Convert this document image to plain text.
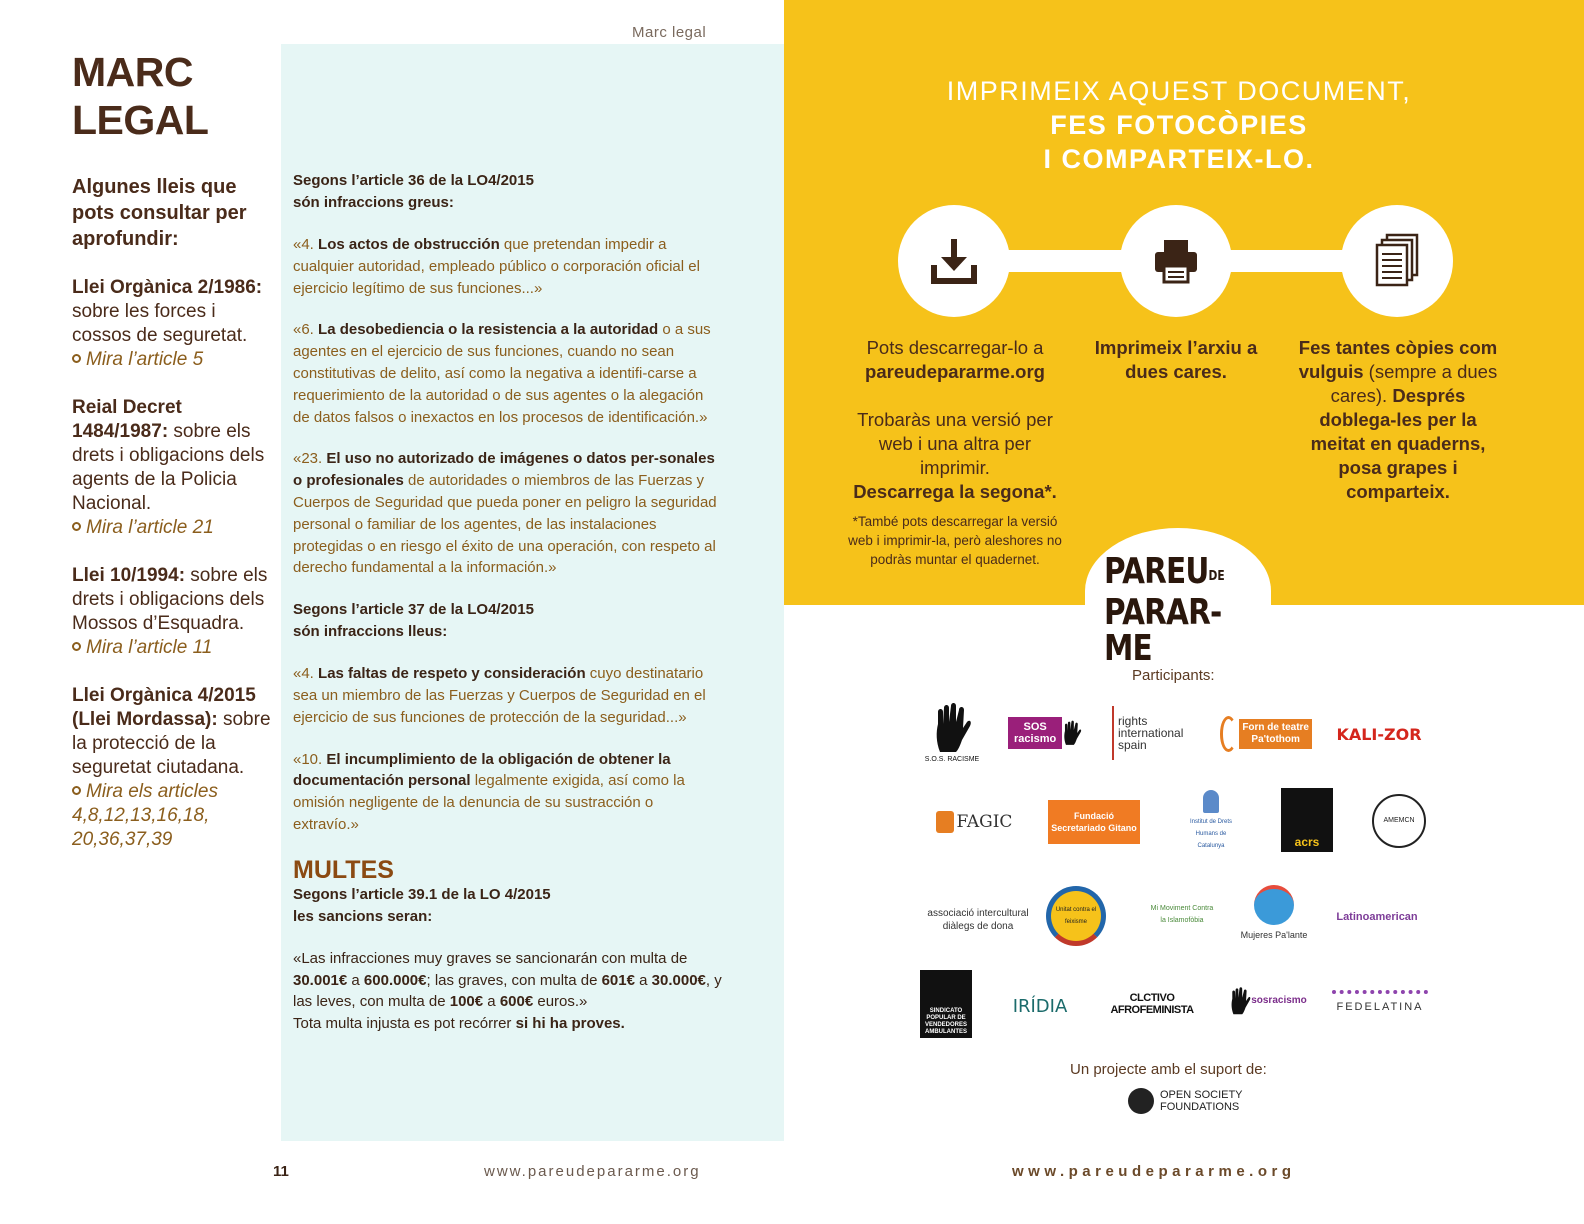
Marc legal
MARC
LEGAL

Algunes lleis que pots consultar per aprofundir:

Llei Orgànica 2/1986: sobre les forces i cossos de seguretat.
Mira l’article 5

Reial Decret 1484/1987: sobre els drets i obligacions dels agents de la Policia Nacional.
Mira l’article 21

Llei 10/1994: sobre els drets i obligacions dels Mossos d’Esquadra.
Mira l’article 11

Llei Orgànica 4/2015 (Llei Mordassa): sobre la protecció de la seguretat ciutadana.
Mira els articles 4,8,12,13,16,18, 20,36,37,39

Segons l’article 36 de la LO4/2015
són infraccions greus:

«4. Los actos de obstrucción que pretendan impedir a cualquier autoridad, empleado público o corporación oficial el ejercicio legítimo de sus funciones...»

«6. La desobediencia o la resistencia a la autoridad o a sus agentes en el ejercicio de sus funciones, cuando no sean constitutivas de delito, así como la negativa a identifi-carse a requerimiento de la autoridad o de sus agentes o la alegación de datos falsos o inexactos en los procesos de identificación.»

«23. El uso no autorizado de imágenes o datos per-sonales o profesionales de autoridades o miembros de las Fuerzas y Cuerpos de Seguridad que pueda poner en peligro la seguridad personal o familiar de los agentes, de las instalaciones protegidas o en riesgo el éxito de una operación, con respeto al derecho fundamental a la información.»

Segons l’article 37 de la LO4/2015
són infraccions lleus:

«4. Las faltas de respeto y consideración cuyo destinatario sea un miembro de las Fuerzas y Cuerpos de Seguridad en el ejercicio de sus funciones de protección de la seguridad...»

«10. El incumplimiento de la obligación de obtener la documentación personal legalmente exigida, así como la omisión negligente de la denuncia de su sustracción o extravío.»

MULTES

Segons l’article 39.1 de la LO 4/2015
les sancions seran:

«Las infracciones muy graves se sancionarán con multa de 30.001€ a 600.000€; las graves, con multa de 601€ a 30.000€, y las leves, con multa de 100€ a 600€ euros.»
Tota multa injusta es pot recórrer si hi ha proves.

11	www.pareudepararme.org
IMPRIMEIX AQUEST DOCUMENT,
FES FOTOCÒPIES
I COMPARTEIX-LO.
Pots descarregar-lo a
pareudepararme.org

Trobaràs una versió per web i una altra per imprimir.
Descarrega la segona*.
Imprimeix l’arxiu a dues cares.
Fes tantes còpies com vulguis (sempre a dues cares). Després doblega-les per la meitat en quaderns, posa grapes i comparteix.
*També pots descarregar la versió web i imprimir-la, però aleshores no podràs muntar el quadernet.	PAREUDE
PARAR-ME
Participants:
S.O.S. RACISME
SOS racismo
rights international spain
Forn de teatre Pa'tothom	KALI-ZOR
FAGIC	Fundació Secretariado Gitano
Institut de Drets Humans de Catalunya	acrs
AMEMCN
associació intercultural diàlegs de dona
Unitat contra el feixisme
Mi Moviment Contra la Islamofòbia
Mujeres Pa'lante
Latinoamerican
SINDICATO POPULAR DE VENDEDORES AMBULANTES
IRÍDIA	CLCTIVO AFROFEMINISTA
sosracismo
FEDELATINA
Un projecte amb el suport de:
OPEN SOCIETY
FOUNDATIONS
www.pareudepararme.org
